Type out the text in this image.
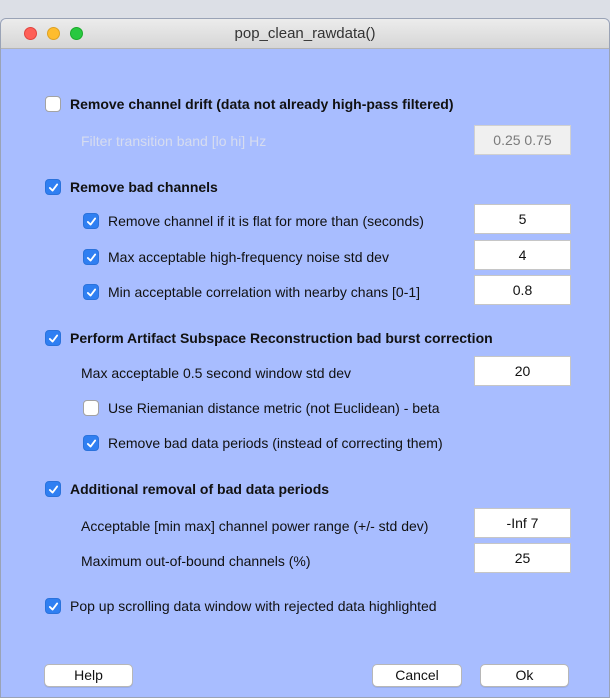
pop_clean_rawdata()
Remove channel drift (data not already high-pass filtered)
Filter transition band [lo hi] Hz	0.25 0.75
Remove bad channels
Remove channel if it is flat for more than (seconds)	5
Max acceptable high-frequency noise std dev	4
Min acceptable correlation with nearby chans [0-1]	0.8
Perform Artifact Subspace Reconstruction bad burst correction
Max acceptable 0.5 second window std dev	20
Use Riemanian distance metric (not Euclidean) - beta
Remove bad data periods (instead of correcting them)
Additional removal of bad data periods
Acceptable [min max] channel power range (+/- std dev)	-Inf 7
Maximum out-of-bound channels (%)	25
Pop up scrolling data window with rejected data highlighted
Help	Cancel	Ok
